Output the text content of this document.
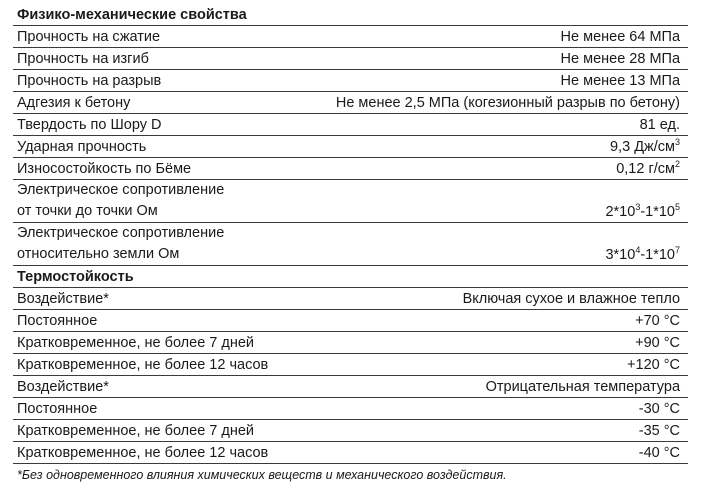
Физико-механические свойства	
Прочность на сжатие	Не менее 64 МПа
Прочность на изгиб	Не менее 28 МПа
Прочность на разрыв	Не менее 13 МПа
Адгезия к бетону	Не менее 2,5 МПа (когезионный разрыв по бетону)
Твердость по Шору D	81 ед.
Ударная прочность	9,3 $Дж/см^3$
Износостойкость по Бёме	0,12 $г/см^2$

Электрическое сопротивление
от точки до точки Ом	$2*10^3-1*10^5$

Электрическое сопротивление
относительно земли Ом	$3*10^4-1*10^7$
Термостойкость	
Воздействие*	Включая сухое и влажное тепло
Постоянное	+70 °C
Кратковременное, не более 7 дней	+90 °C
Кратковременное, не более 12 часов	+120 °C
Воздействие*	Отрицательная температура
Постоянное	-30 °C
Кратковременное, не более 7 дней	-35 °C
Кратковременное, не более 12 часов	-40 °C
*Без одновременного влияния химических веществ и механического воздействия.
